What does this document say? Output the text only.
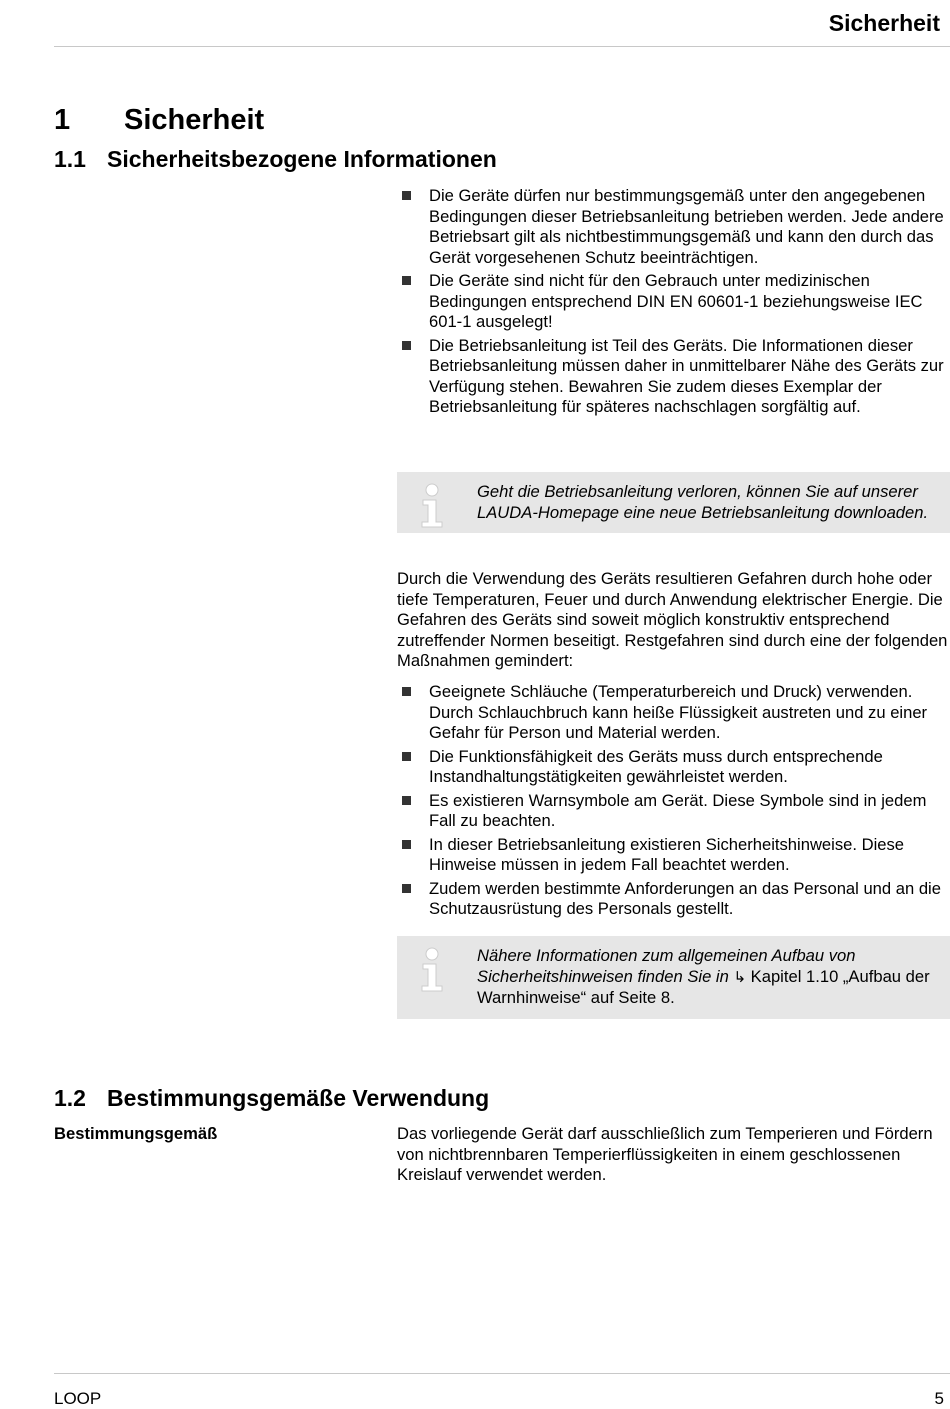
Sicherheit
1 Sicherheit
1.1 Sicherheitsbezogene Informationen
Die Geräte dürfen nur bestimmungsgemäß unter den angegebenen Bedingungen dieser Betriebsanleitung betrieben werden. Jede andere Betriebsart gilt als nichtbestimmungsgemäß und kann den durch das Gerät vorgesehenen Schutz beeinträchtigen.
Die Geräte sind nicht für den Gebrauch unter medizinischen Bedingungen entsprechend DIN EN 60601-1 beziehungsweise IEC 601-1 ausgelegt!
Die Betriebsanleitung ist Teil des Geräts. Die Informationen dieser Betriebsanleitung müssen daher in unmittelbarer Nähe des Geräts zur Verfügung stehen. Bewahren Sie zudem dieses Exemplar der Betriebsanleitung für späteres nachschlagen sorgfältig auf.
Geht die Betriebsanleitung verloren, können Sie auf unserer LAUDA-Homepage eine neue Betriebsanleitung downloaden.

Durch die Verwendung des Geräts resultieren Gefahren durch hohe oder tiefe Temperaturen, Feuer und durch Anwendung elektrischer Energie. Die Gefahren des Geräts sind soweit möglich konstruktiv entsprechend zutreffender Normen beseitigt. Restgefahren sind durch eine der folgenden Maßnahmen gemindert:

Geeignete Schläuche (Temperaturbereich und Druck) verwenden. Durch Schlauchbruch kann heiße Flüssigkeit austreten und zu einer Gefahr für Person und Material werden.
Die Funktionsfähigkeit des Geräts muss durch entsprechende Instandhaltungstätigkeiten gewährleistet werden.
Es existieren Warnsymbole am Gerät. Diese Symbole sind in jedem Fall zu beachten.
In dieser Betriebsanleitung existieren Sicherheitshinweise. Diese Hinweise müssen in jedem Fall beachtet werden.
Zudem werden bestimmte Anforderungen an das Personal und an die Schutzausrüstung des Personals gestellt.
Nähere Informationen zum allgemeinen Aufbau von Sicherheitshinweisen finden Sie in ↳ Kapitel 1.10 „Aufbau der Warnhinweise“ auf Seite 8.
1.2 Bestimmungsgemäße Verwendung
Bestimmungsgemäß	Das vorliegende Gerät darf ausschließlich zum Temperieren und Fördern von nichtbrennbaren Temperierflüssigkeiten in einem geschlossenen Kreislauf verwendet werden.

LOOP	5
